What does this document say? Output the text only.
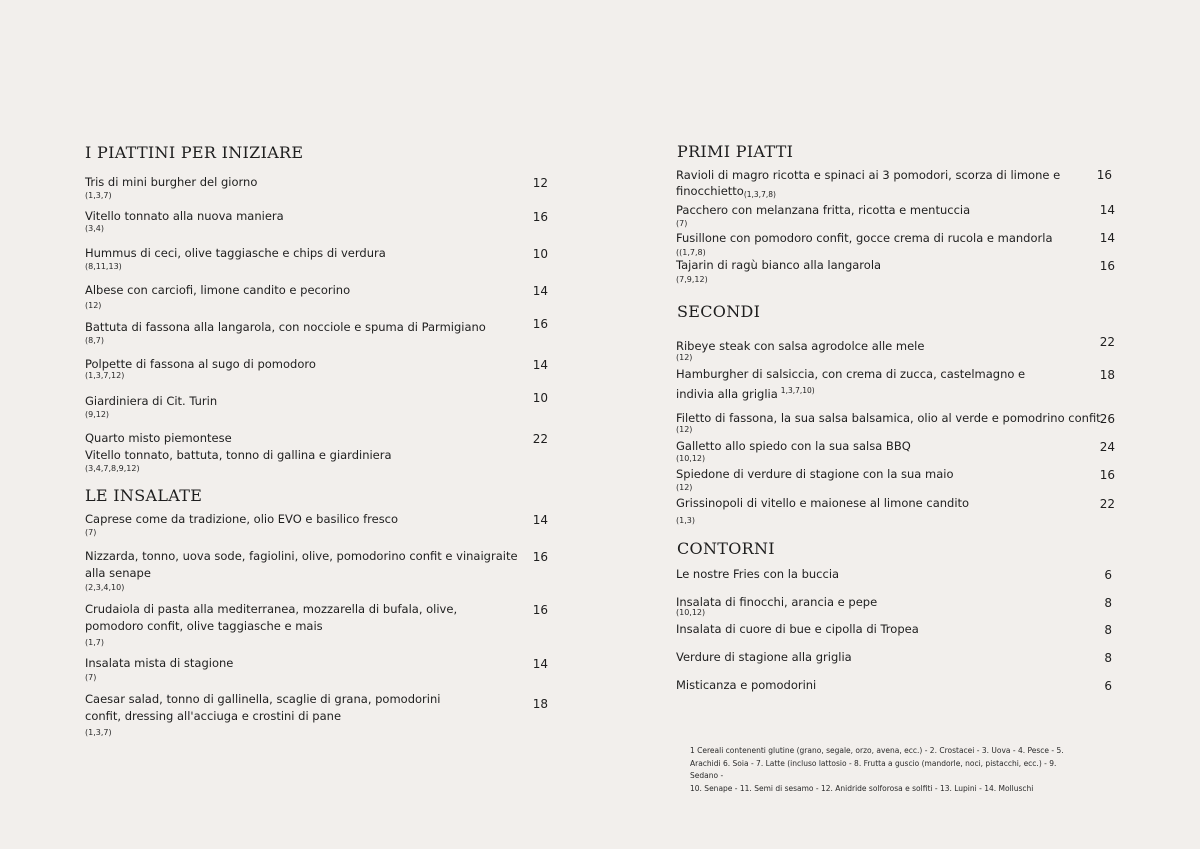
I PIATTINI PER INIZIARE
Tris di mini burgher del giorno
(1,3,7)
12
Vitello tonnato alla nuova maniera
(3,4)
16
Hummus di ceci, olive taggiasche e chips di verdura
(8,11,13)
10
Albese con carciofi, limone candito e pecorino
(12)
14
Battuta di fassona alla langarola, con nocciole e spuma di Parmigiano
(8,7)
16
Polpette di fassona al sugo di pomodoro
(1,3,7,12)
14
Giardiniera di Cit. Turin
(9,12)
10
Quarto misto piemontese
Vitello tonnato, battuta, tonno di gallina e giardiniera
(3,4,7,8,9,12)
22
LE INSALATE
Caprese come da tradizione, olio EVO e basilico fresco
(7)
14
Nizzarda, tonno, uova sode, fagiolini, olive, pomodorino confit e vinaigraite
alla senape
(2,3,4,10)
16
Crudaiola di pasta alla mediterranea, mozzarella di bufala, olive,
pomodoro confit, olive taggiasche e mais
(1,7)
16
Insalata mista di stagione
(7)
14
Caesar salad, tonno di gallinella, scaglie di grana, pomodorini
confit, dressing all'acciuga e crostini di pane
(1,3,7)
18
PRIMI PIATTI
Ravioli di magro ricotta e spinaci ai 3 pomodori, scorza di limone e
finocchietto$_{(1,3,7,8)}$
16
Pacchero con melanzana fritta, ricotta e mentuccia
(7)
14
Fusillone con pomodoro confit, gocce crema di rucola e mandorla
((1,7,8)
14
Tajarin di ragù bianco alla langarola
(7,9,12)
16
SECONDI
Ribeye steak con salsa agrodolce alle mele
(12)
22
Hamburgher di salsiccia, con crema di zucca, castelmagno e
indivia alla griglia $^{1,3,7,10)}$
18
Filetto di fassona, la sua salsa balsamica, olio al verde e pomodrino confit
(12)
26
Galletto allo spiedo con la sua salsa BBQ
(10,12)
24
Spiedone di verdure di stagione con la sua maio
(12)
16
Grissinopoli di vitello e maionese al limone candito
(1,3)
22
CONTORNI
Le nostre Fries con la buccia	6
Insalata di finocchi, arancia e pepe
(10,12)
8
Insalata di cuore di bue e cipolla di Tropea	8
Verdure di stagione alla griglia	8
Misticanza e pomodorini	6
1 Cereali contenenti glutine (grano, segale, orzo, avena, ecc.) - 2. Crostacei - 3. Uova - 4. Pesce - 5.
Arachidi 6. Soia - 7. Latte (incluso lattosio - 8. Frutta a guscio (mandorle, noci, pistacchi, ecc.) - 9.
Sedano -
10. Senape - 11. Semi di sesamo - 12. Anidride solforosa e solfiti - 13. Lupini - 14. Molluschi
